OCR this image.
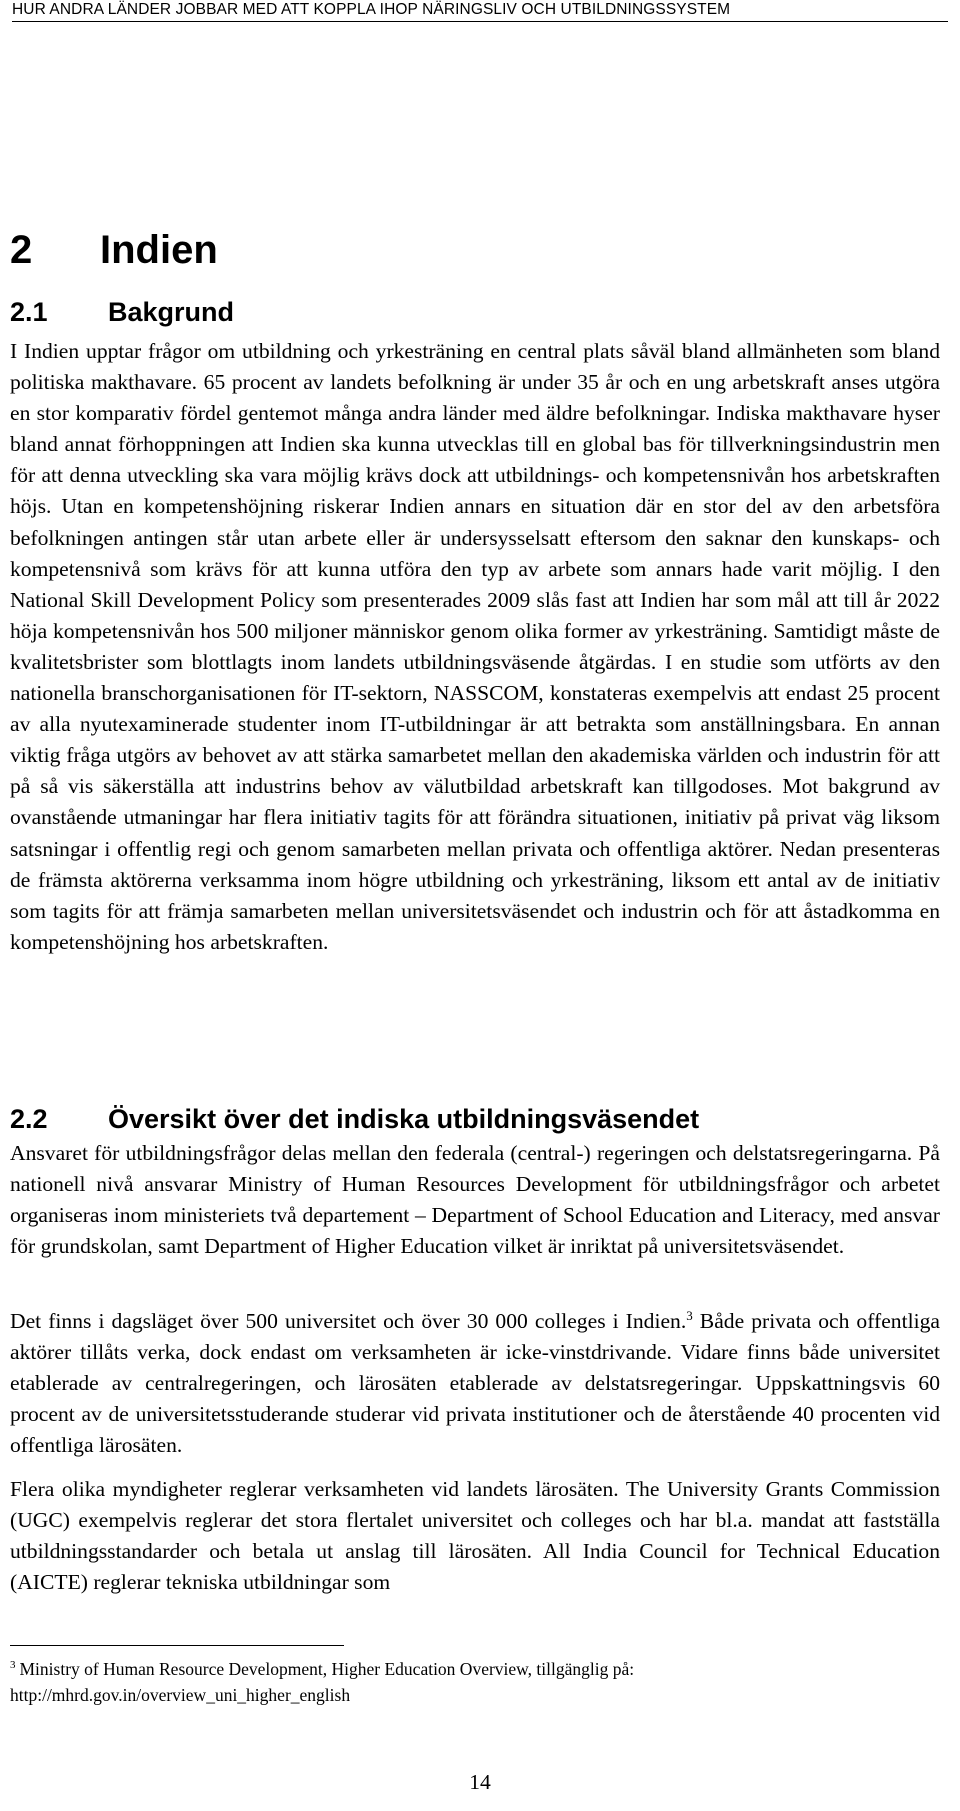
HUR ANDRA LÄNDER JOBBAR MED ATT KOPPLA IHOP NÄRINGSLIV OCH UTBILDNINGSSYSTEM
2 Indien
2.1 Bakgrund

I Indien upptar frågor om utbildning och yrkesträning en central plats såväl bland allmänheten som bland politiska makthavare. 65 procent av landets befolkning är under 35 år och en ung arbetskraft anses utgöra en stor komparativ fördel gentemot många andra länder med äldre befolkningar. Indiska makthavare hyser bland annat förhoppningen att Indien ska kunna utvecklas till en global bas för tillverkningsindustrin men för att denna utveckling ska vara möjlig krävs dock att utbildnings- och kompetensnivån hos arbetskraften höjs. Utan en kompetenshöjning riskerar Indien annars en situation där en stor del av den arbetsföra befolkningen antingen står utan arbete eller är undersysselsatt eftersom den saknar den kunskaps- och kompetensnivå som krävs för att kunna utföra den typ av arbete som annars hade varit möjlig. I den National Skill Development Policy som presenterades 2009 slås fast att Indien har som mål att till år 2022 höja kompetensnivån hos 500 miljoner människor genom olika former av yrkesträning. Samtidigt måste de kvalitetsbrister som blottlagts inom landets utbildningsväsende åtgärdas. I en studie som utförts av den nationella branschorganisationen för IT-sektorn, NASSCOM, konstateras exempelvis att endast 25 procent av alla nyutexaminerade studenter inom IT-utbildningar är att betrakta som anställningsbara. En annan viktig fråga utgörs av behovet av att stärka samarbetet mellan den akademiska världen och industrin för att på så vis säkerställa att industrins behov av välutbildad arbetskraft kan tillgodoses. Mot bakgrund av ovanstående utmaningar har flera initiativ tagits för att förändra situationen, initiativ på privat väg liksom satsningar i offentlig regi och genom samarbeten mellan privata och offentliga aktörer. Nedan presenteras de främsta aktörerna verksamma inom högre utbildning och yrkesträning, liksom ett antal av de initiativ som tagits för att främja samarbeten mellan universitetsväsendet och industrin och för att åstadkomma en kompetenshöjning hos arbetskraften.

2.2 Översikt över det indiska utbildningsväsendet

Ansvaret för utbildningsfrågor delas mellan den federala (central-) regeringen och delstatsregeringarna. På nationell nivå ansvarar Ministry of Human Resources Development för utbildningsfrågor och arbetet organiseras inom ministeriets två departement – Department of School Education and Literacy, med ansvar för grundskolan, samt Department of Higher Education vilket är inriktat på universitetsväsendet.

Det finns i dagsläget över 500 universitet och över 30 000 colleges i Indien.$^3$ Både privata och offentliga aktörer tillåts verka, dock endast om verksamheten är icke-vinstdrivande. Vidare finns både universitet etablerade av centralregeringen, och lärosäten etablerade av delstatsregeringar. Uppskattningsvis 60 procent av de universitetsstuderande studerar vid privata institutioner och de återstående 40 procenten vid offentliga lärosäten.

Flera olika myndigheter reglerar verksamheten vid landets lärosäten. The University Grants Commission (UGC) exempelvis reglerar det stora flertalet universitet och colleges och har bl.a. mandat att fastställa utbildningsstandarder och betala ut anslag till lärosäten. All India Council for Technical Education (AICTE) reglerar tekniska utbildningar som

$^3$ Ministry of Human Resource Development, Higher Education Overview, tillgänglig på:
http://mhrd.gov.in/overview_uni_higher_english
14
